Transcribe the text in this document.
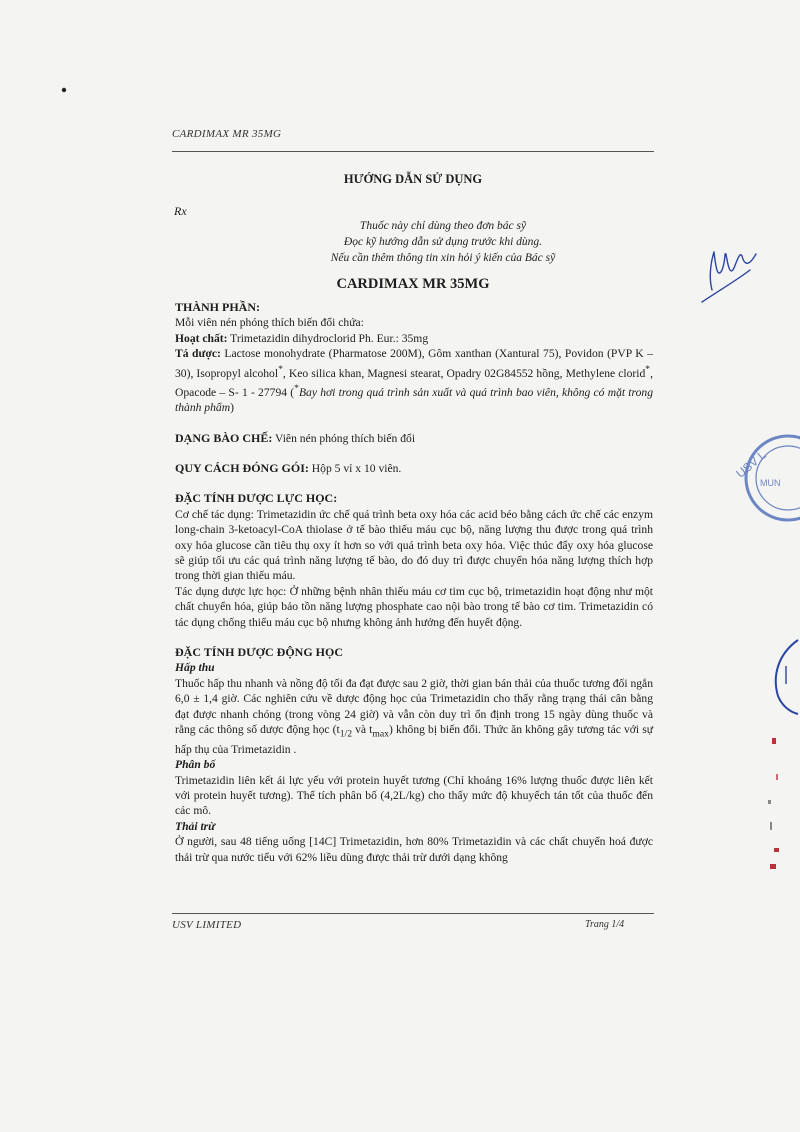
CARDIMAX MR 35MG
HƯỚNG DẪN SỬ DỤNG
Rx
Thuốc này chỉ dùng theo đơn bác sỹ
Đọc kỹ hướng dẫn sử dụng trước khi dùng.
Nếu cần thêm thông tin xin hỏi ý kiến của Bác sỹ
CARDIMAX MR 35MG

THÀNH PHẦN:

Mỗi viên nén phóng thích biến đổi chứa:

Hoạt chất: Trimetazidin dihydroclorid Ph. Eur.: 35mg

Tá dược: Lactose monohydrate (Pharmatose 200M), Gôm xanthan (Xantural 75), Povidon (PVP K – 30), Isopropyl alcohol*, Keo silica khan, Magnesi stearat, Opadry 02G84552 hồng, Methylene clorid*, Opacode – S- 1 - 27794 (*Bay hơi trong quá trình sản xuất và quá trình bao viên, không có mặt trong thành phẩm)

DẠNG BÀO CHẾ: Viên nén phóng thích biến đổi

QUY CÁCH ĐÓNG GÓI: Hộp 5 vỉ x 10 viên.

ĐẶC TÍNH DƯỢC LỰC HỌC:

Cơ chế tác dụng: Trimetazidin ức chế quá trình beta oxy hóa các acid béo bằng cách ức chế các enzym long-chain 3-ketoacyl-CoA thiolase ở tế bào thiếu máu cục bộ, năng lượng thu được trong quá trình oxy hóa glucose cần tiêu thụ oxy ít hơn so với quá trình beta oxy hóa. Việc thúc đẩy oxy hóa glucose sẽ giúp tối ưu các quá trình năng lượng tế bào, do đó duy trì được chuyển hóa năng lượng thích hợp trong thời gian thiếu máu.

Tác dụng dược lực học: Ở những bệnh nhân thiếu máu cơ tim cục bộ, trimetazidin hoạt động như một chất chuyển hóa, giúp bảo tồn năng lượng phosphate cao nội bào trong tế bào cơ tim. Trimetazidin có tác dụng chống thiếu máu cục bộ nhưng không ảnh hưởng đến huyết động.

ĐẶC TÍNH DƯỢC ĐỘNG HỌC

Hấp thu

Thuốc hấp thu nhanh và nồng độ tối đa đạt được sau 2 giờ, thời gian bán thải của thuốc tương đối ngắn 6,0 ± 1,4 giờ. Các nghiên cứu về dược động học của Trimetazidin cho thấy rằng trạng thái cân bằng đạt được nhanh chóng (trong vòng 24 giờ) và vẫn còn duy trì ổn định trong 15 ngày dùng thuốc và rằng các thông số dược động học ($t_{1/2}$ và $t_{max}$) không bị biến đổi. Thức ăn không gây tương tác với sự hấp thụ của Trimetazidin .

Phân bố

Trimetazidin liên kết ái lực yếu với protein huyết tương (Chỉ khoảng 16% lượng thuốc được liên kết với protein huyết tương). Thể tích phân bố (4,2L/kg) cho thấy mức độ khuyếch tán tốt của thuốc đến các mô.

Thải trừ

Ở người, sau 48 tiếng uống [14C] Trimetazidin, hơn 80% Trimetazidin và các chất chuyển hoá được thải trừ qua nước tiểu với 62% liều dùng được thải trừ dưới dạng không

USV LIMITED	Trang 1/4
USV L
MUN
